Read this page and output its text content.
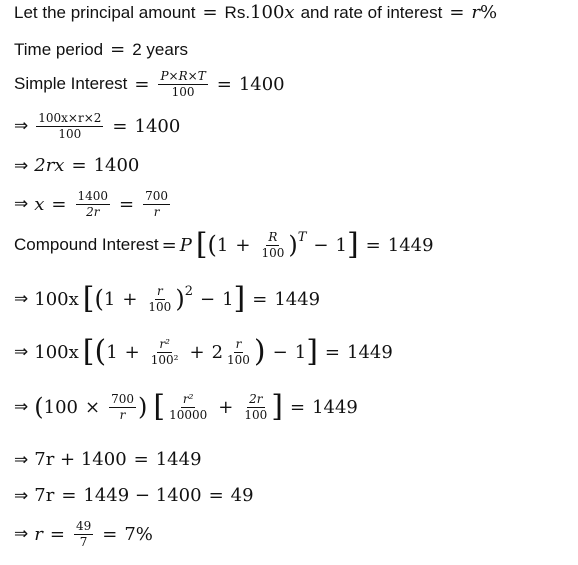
Let the principal amount = Rs. 100 x and rate of interest = r %
Time period = 2 years
Simple Interest = $\frac{P\times R\times T}{100} = 1400$
⇒ $\frac{100x\times r\times 2}{100} = 1400$
⇒ 2rx = 1400
⇒ $x = \frac{1400}{2r} = \frac{700}{r}$
Compound Interest = P [ ( $1 + \frac{R}{100} )^T - 1$ ] = 1449
⇒ 100x [ ( $1 + \frac{r}{100} )^2 - 1$ ] = 1449
⇒ 100x [ ( $1 + \frac{\text{r²}}{\text{100²}} + 2 \frac{r}{100}$ ) − 1 ] = 1449
⇒ ( $100 \times \frac{700}{r}$ ) [ $\frac{\text{r²}}{10000} + \frac{2r}{100}$ ] = 1449
⇒ 7r + 1400 = 1449
⇒ 7r = 1449 − 1400 = 49
⇒ $r = \frac{49}{7} = 7\%$
